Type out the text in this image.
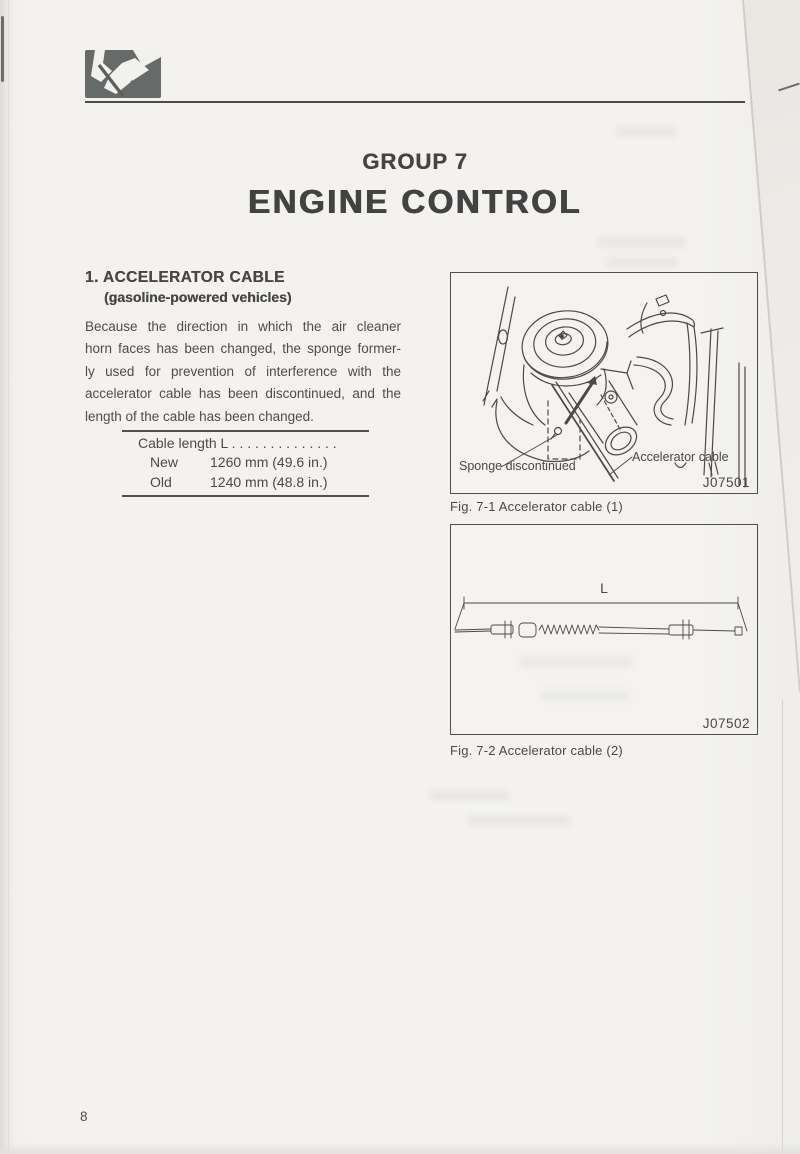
GROUP 7
ENGINE CONTROL
1. ACCELERATOR CABLE
(gasoline-powered vehicles)
Because the direction in which the air cleaner
horn faces has been changed, the sponge former-
ly used for prevention of interference with the
accelerator cable has been discontinued, and the
length of the cable has been changed.
Cable length L . . . . . . . . . . . . . .
New	1260 mm (49.6 in.)
Old	1240 mm (48.8 in.)
Sponge discontinued
Accelerator cable
J07501
Fig. 7-1 Accelerator cable (1)
L
J07502
Fig. 7-2 Accelerator cable (2)
8
